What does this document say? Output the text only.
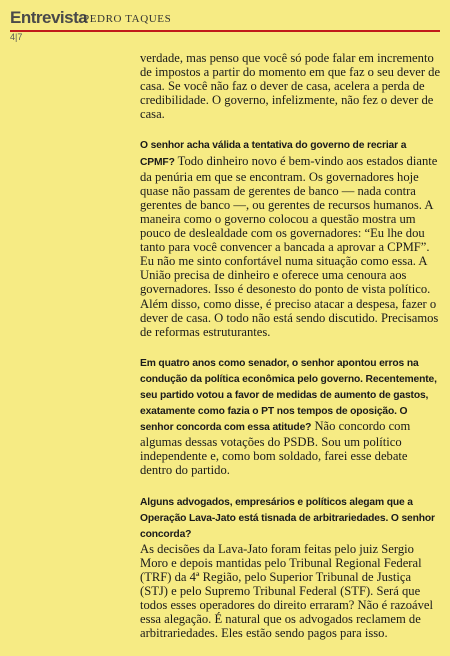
Entrevista
PEDRO TAQUES
4|7

verdade, mas penso que você só pode falar em incremento de impostos a partir do momento em que faz o seu dever de casa. Se você não faz o dever de casa, acelera a perda de credibilidade. O governo, infelizmente, não fez o dever de casa.

O senhor acha válida a tentativa do governo de recriar a CPMF? Todo dinheiro novo é bem-vindo aos estados diante da penúria em que se encontram. Os governadores hoje quase não passam de gerentes de banco — nada contra gerentes de banco —, ou gerentes de recursos humanos. A maneira como o governo colocou a questão mostra um pouco de deslealdade com os governadores: “Eu lhe dou tanto para você convencer a bancada a aprovar a CPMF”. Eu não me sinto confortável numa situação como essa. A União precisa de dinheiro e oferece uma cenoura aos governadores. Isso é desonesto do ponto de vista político. Além disso, como disse, é preciso atacar a despesa, fazer o dever de casa. O todo não está sendo discutido. Precisamos de reformas estruturantes.

Em quatro anos como senador, o senhor apontou erros na condução da política econômica pelo governo. Recentemente, seu partido votou a favor de medidas de aumento de gastos, exatamente como fazia o PT nos tempos de oposição. O senhor concorda com essa atitude? Não concordo com algumas dessas votações do PSDB. Sou um político independente e, como bom soldado, farei esse debate dentro do partido.

Alguns advogados, empresários e políticos alegam que a Operação Lava-Jato está tisnada de arbitrariedades. O senhor concorda?
As decisões da Lava-Jato foram feitas pelo juiz Sergio Moro e depois mantidas pelo Tribunal Regional Federal (TRF) da 4ª Região, pelo Superior Tribunal de Justiça (STJ) e pelo Supremo Tribunal Federal (STF). Será que todos esses operadores do direito erraram? Não é razoável essa alegação. É natural que os advogados reclamem de arbitrariedades. Eles estão sendo pagos para isso.
